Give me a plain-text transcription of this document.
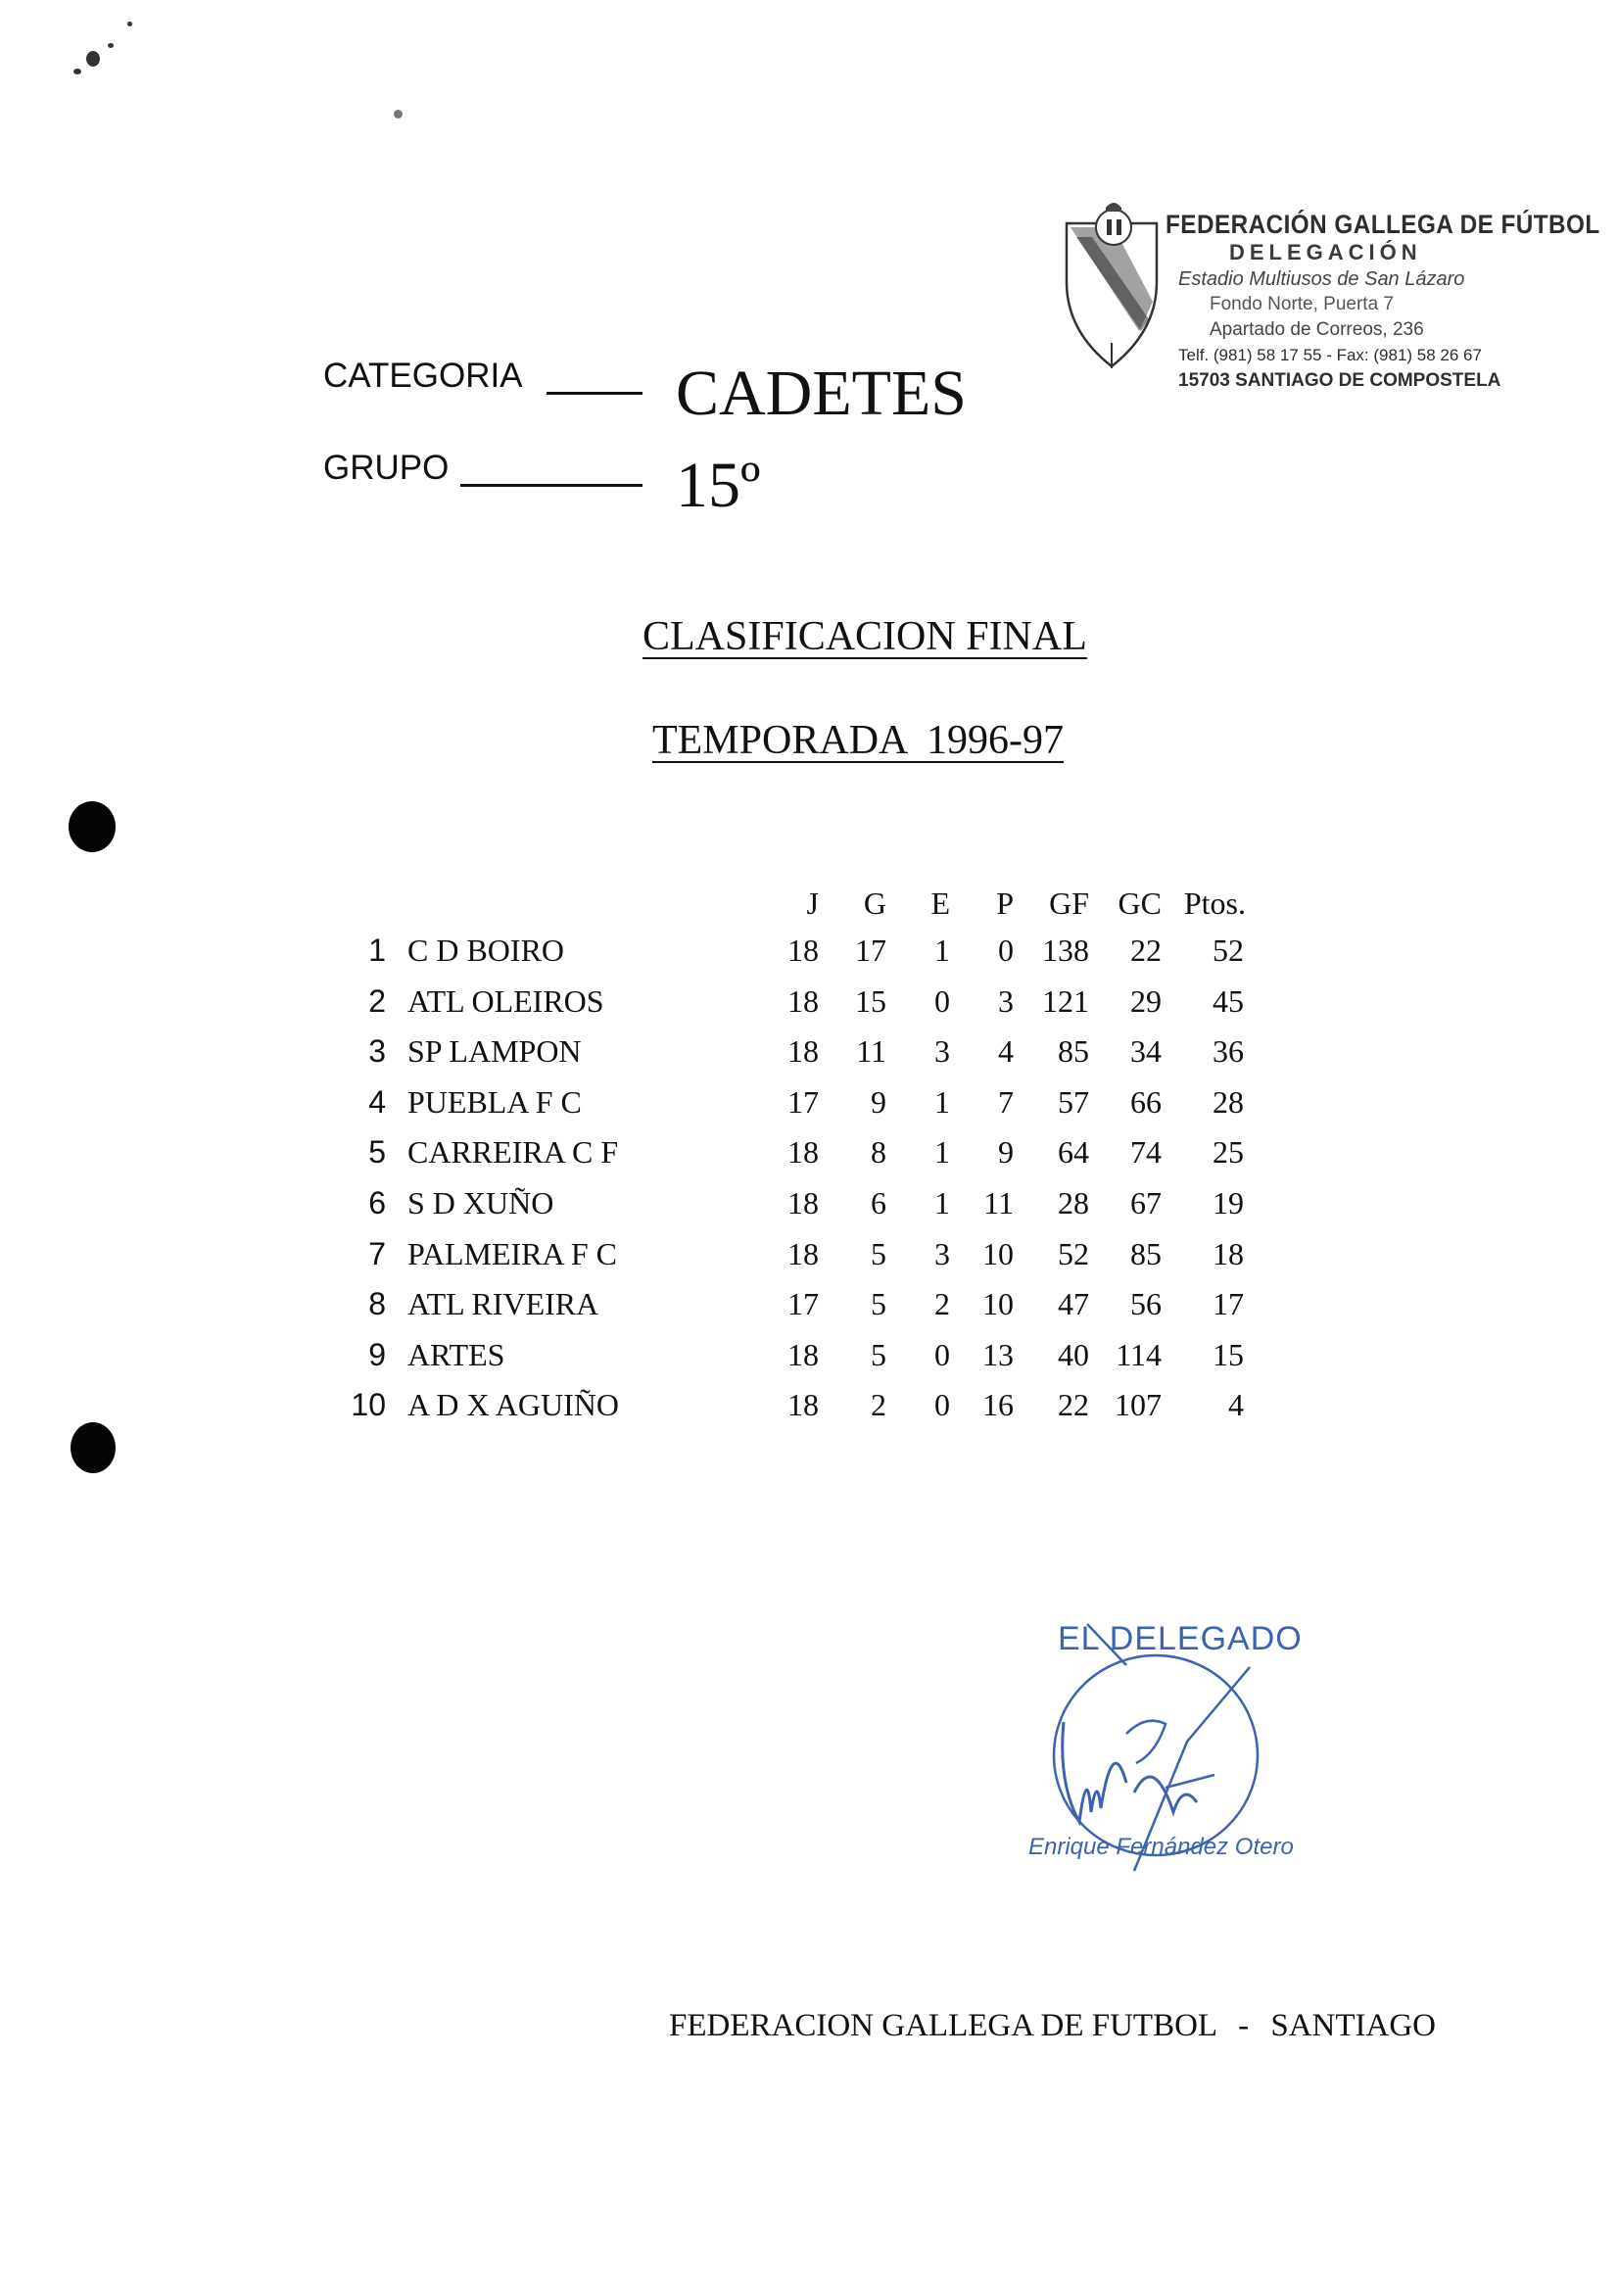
FEDERACIÓN GALLEGA DE FÚTBOL
DELEGACIÓN
Estadio Multiusos de San Lázaro
Fondo Norte, Puerta 7
Apartado de Correos, 236
Telf. (981) 58 17 55 - Fax: (981) 58 26 67
15703 SANTIAGO DE COMPOSTELA
CATEGORIA CADETES
GRUPO	15º
CLASIFICACION FINAL
TEMPORADA  1996-97
J G E P GF GC Ptos.
1 C D BOIRO	18 17 1 0 138 22 52
2 ATL OLEIROS	18 15 0 3 121 29 45
3 SP LAMPON	18 11 3 4 85 34 36
4 PUEBLA F C	17 9 1 7 57 66 28
5 CARREIRA C F	18 8 1 9 64 74 25
6 S D XUÑO	18 6 1 11 28 67 19
7 PALMEIRA F C	18 5 3 10 52 85 18
8 ATL RIVEIRA	17 5 2 10 47 56 17
9 ARTES	18 5 0 13 40 114 15
10 A D X AGUIÑO	18 2 0 16 22 107 4
EL DELEGADO
Enrique Fernández Otero
FEDERACION GALLEGA DE FUTBOL - SANTIAGO
